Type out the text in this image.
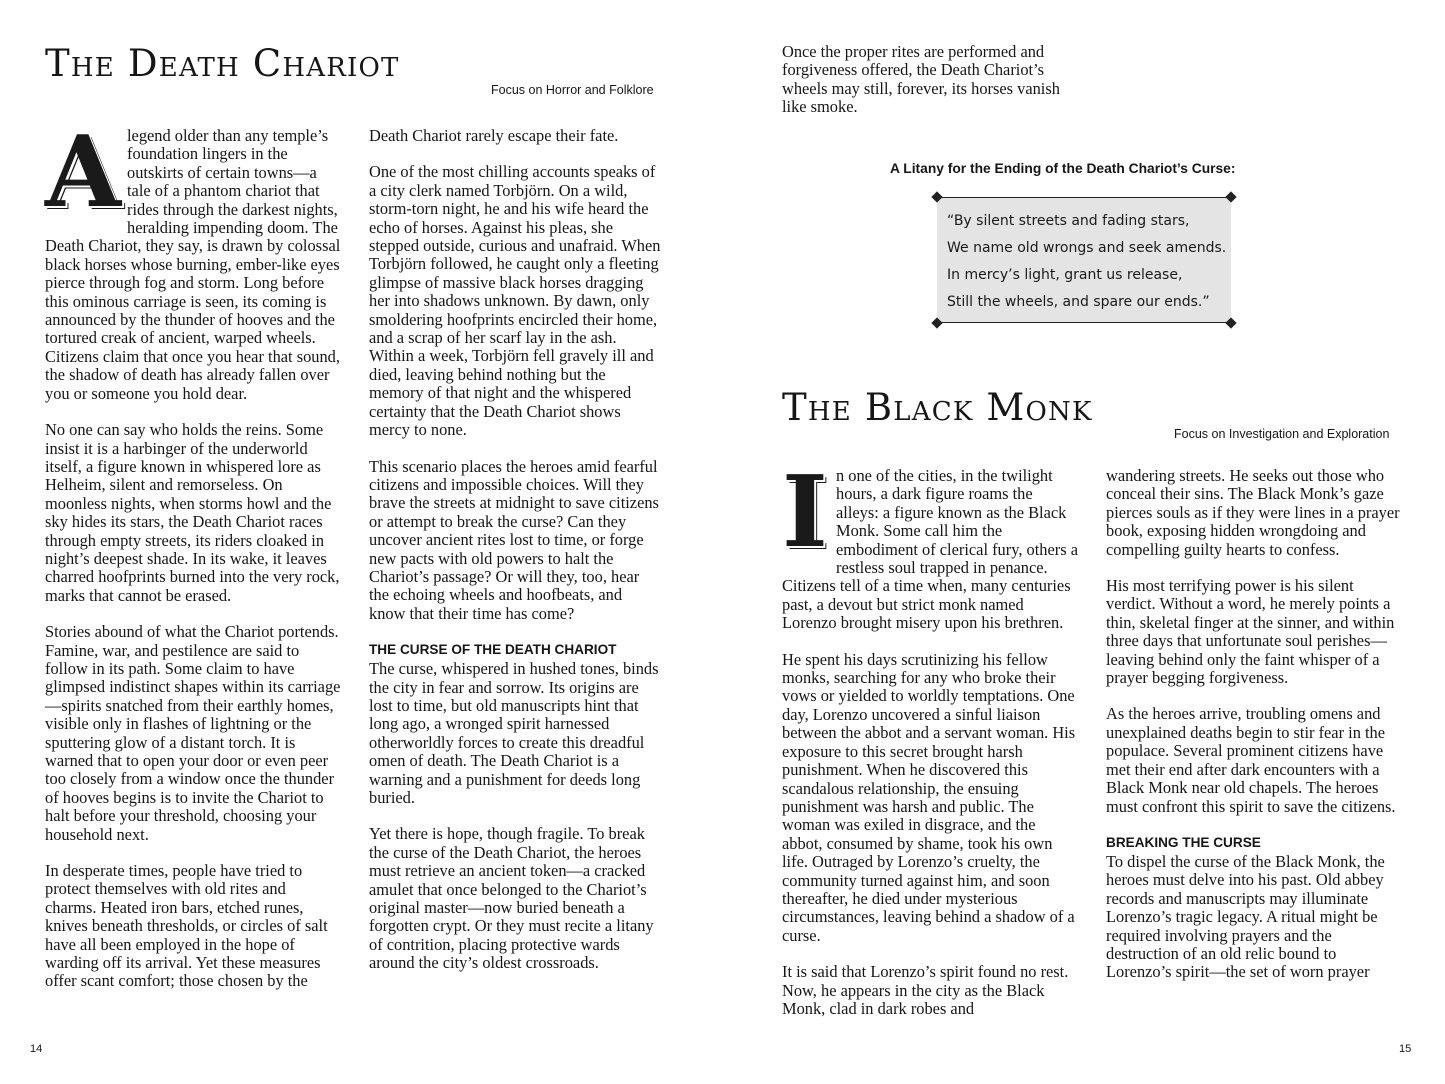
The Death Chariot
Focus on Horror and Folklore

Alegend older than any temple’s foundation lingers in the outskirts of certain towns—a tale of a phantom chariot that rides through the darkest nights, heralding impending doom. The Death Chariot, they say, is drawn by colossal black horses whose burning, ember-like eyes pierce through fog and storm. Long before this ominous carriage is seen, its coming is announced by the thunder of hooves and the tortured creak of ancient, warped wheels. Citizens claim that once you hear that sound, the shadow of death has already fallen over you or someone you hold dear.

No one can say who holds the reins. Some insist it is a harbinger of the underworld itself, a figure known in whispered lore as Helheim, silent and remorseless. On moonless nights, when storms howl and the sky hides its stars, the Death Chariot races through empty streets, its riders cloaked in night’s deepest shade. In its wake, it leaves charred hoofprints burned into the very rock, marks that cannot be erased.

Stories abound of what the Chariot portends. Famine, war, and pestilence are said to follow in its path. Some claim to have glimpsed indistinct shapes within its carriage—spirits snatched from their earthly homes, visible only in flashes of lightning or the sputtering glow of a distant torch. It is warned that to open your door or even peer too closely from a window once the thunder of hooves begins is to invite the Chariot to halt before your threshold, choosing your household next.

In desperate times, people have tried to protect themselves with old rites and charms. Heated iron bars, etched runes, knives beneath thresholds, or circles of salt have all been employed in the hope of warding off its arrival. Yet these measures offer scant comfort; those chosen by the

Death Chariot rarely escape their fate.

One of the most chilling accounts speaks of a city clerk named Torbjörn. On a wild, storm-torn night, he and his wife heard the echo of horses. Against his pleas, she stepped outside, curious and unafraid. When Torbjörn followed, he caught only a fleeting glimpse of massive black horses dragging her into shadows unknown. By dawn, only smoldering hoofprints encircled their home, and a scrap of her scarf lay in the ash. Within a week, Torbjörn fell gravely ill and died, leaving behind nothing but the memory of that night and the whispered certainty that the Death Chariot shows mercy to none.

This scenario places the heroes amid fearful citizens and impossible choices. Will they brave the streets at midnight to save citizens or attempt to break the curse? Can they uncover ancient rites lost to time, or forge new pacts with old powers to halt the Chariot’s passage? Or will they, too, hear the echoing wheels and hoofbeats, and know that their time has come?

THE CURSE OF THE DEATH CHARIOT

The curse, whispered in hushed tones, binds the city in fear and sorrow. Its origins are lost to time, but old manuscripts hint that long ago, a wronged spirit harnessed otherworldly forces to create this dreadful omen of death. The Death Chariot is a warning and a punishment for deeds long buried.

Yet there is hope, though fragile. To break the curse of the Death Chariot, the heroes must retrieve an ancient token—a cracked amulet that once belonged to the Chariot’s original master—now buried beneath a forgotten crypt. Or they must recite a litany of contrition, placing protective wards around the city’s oldest crossroads.

14

Once the proper rites are performed and forgiveness offered, the Death Chariot’s wheels may still, forever, its horses vanish like smoke.

A Litany for the Ending of the Death Chariot’s Curse:
“By silent streets and fading stars,
We name old wrongs and seek amends.
In mercy’s light, grant us release,
Still the wheels, and spare our ends.”
The Black Monk
Focus on Investigation and Exploration

In one of the cities, in the twilight hours, a dark figure roams the alleys: a figure known as the Black Monk. Some call him the embodiment of clerical fury, others a restless soul trapped in penance. Citizens tell of a time when, many centuries past, a devout but strict monk named Lorenzo brought misery upon his brethren.

He spent his days scrutinizing his fellow monks, searching for any who broke their vows or yielded to worldly temptations. One day, Lorenzo uncovered a sinful liaison between the abbot and a servant woman. His exposure to this secret brought harsh punishment. When he discovered this scandalous relationship, the ensuing punishment was harsh and public. The woman was exiled in disgrace, and the abbot, consumed by shame, took his own life. Outraged by Lorenzo’s cruelty, the community turned against him, and soon thereafter, he died under mysterious circumstances, leaving behind a shadow of a curse.

It is said that Lorenzo’s spirit found no rest. Now, he appears in the city as the Black Monk, clad in dark robes and

wandering streets. He seeks out those who conceal their sins. The Black Monk’s gaze pierces souls as if they were lines in a prayer book, exposing hidden wrongdoing and compelling guilty hearts to confess.

His most terrifying power is his silent verdict. Without a word, he merely points a thin, skeletal finger at the sinner, and within three days that unfortunate soul perishes—leaving behind only the faint whisper of a prayer begging forgiveness.

As the heroes arrive, troubling omens and unexplained deaths begin to stir fear in the populace. Several prominent citizens have met their end after dark encounters with a Black Monk near old chapels. The heroes must confront this spirit to save the citizens.

BREAKING THE CURSE

To dispel the curse of the Black Monk, the heroes must delve into his past. Old abbey records and manuscripts may illuminate Lorenzo’s tragic legacy. A ritual might be required involving prayers and the destruction of an old relic bound to Lorenzo’s spirit—the set of worn prayer

15
